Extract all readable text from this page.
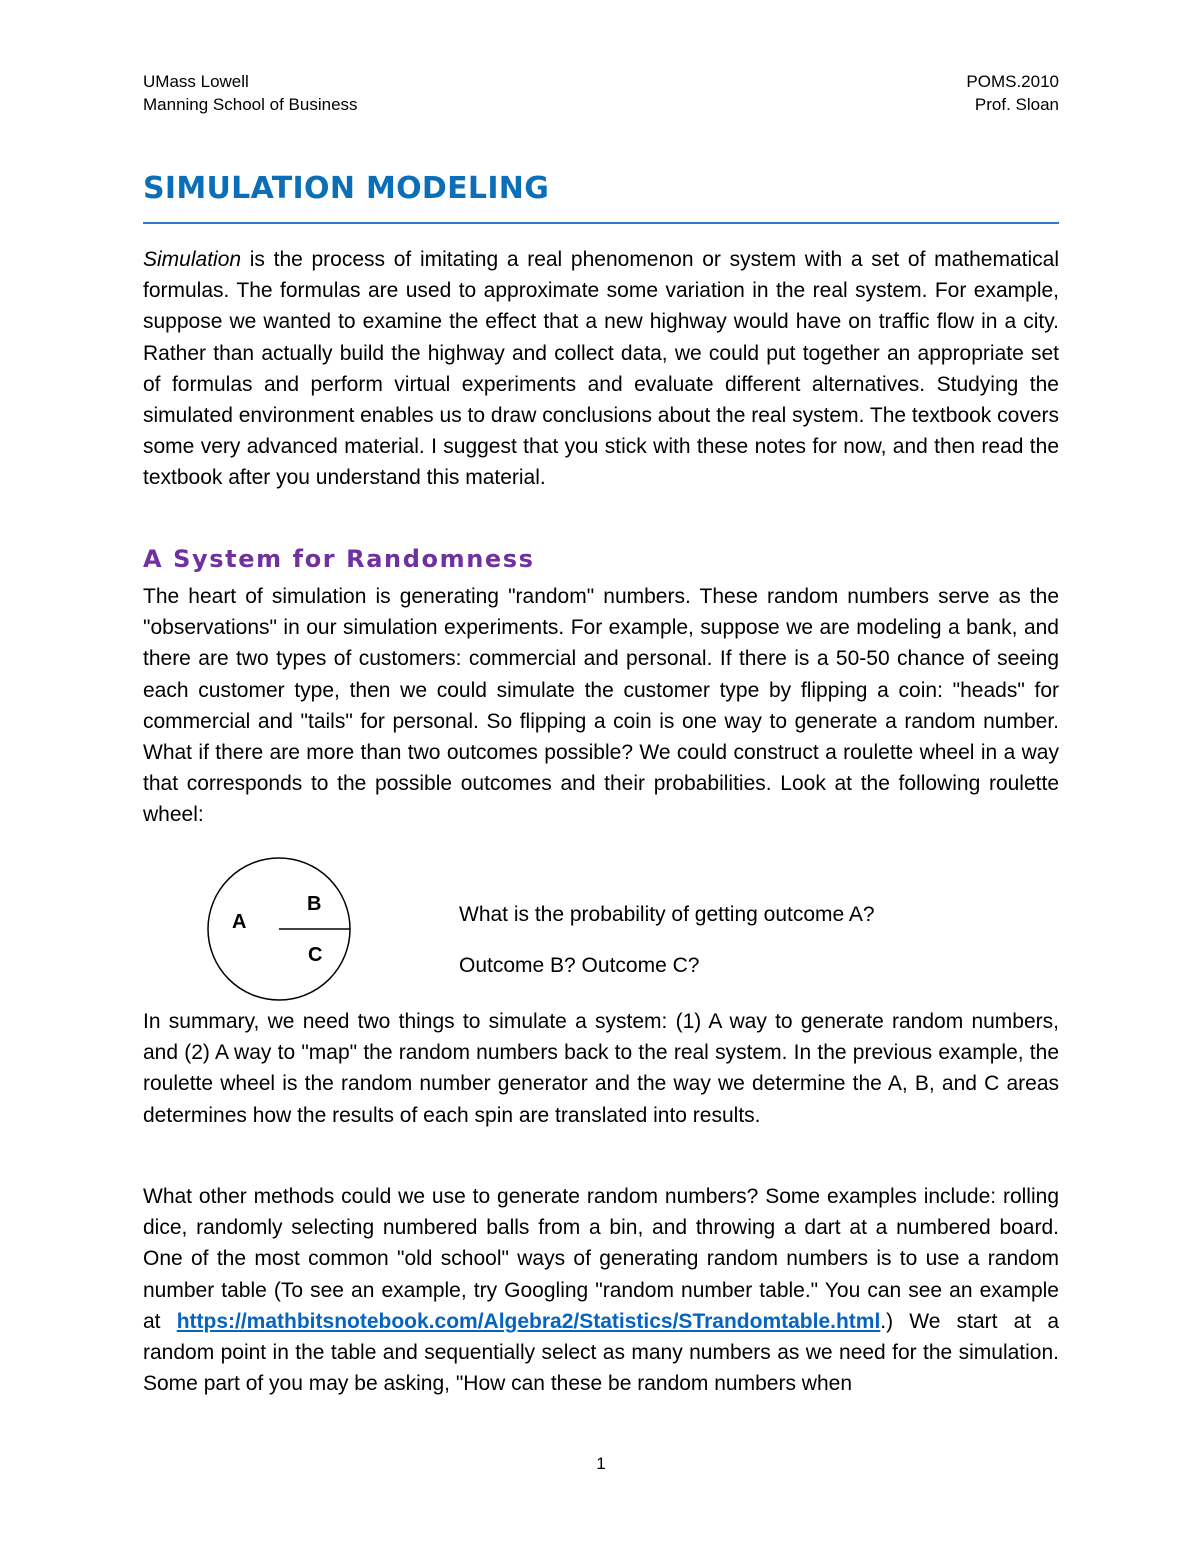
UMass Lowell
Manning School of Business
POMS.2010
Prof. Sloan
SIMULATION MODELING

Simulation is the process of imitating a real phenomenon or system with a set of mathematical formulas. The formulas are used to approximate some variation in the real system. For example, suppose we wanted to examine the effect that a new highway would have on traffic flow in a city. Rather than actually build the highway and collect data, we could put together an appropriate set of formulas and perform virtual experiments and evaluate different alternatives. Studying the simulated environment enables us to draw conclusions about the real system. The textbook covers some very advanced material. I suggest that you stick with these notes for now, and then read the textbook after you understand this material.

A System for Randomness

The heart of simulation is generating "random" numbers. These random numbers serve as the "observations" in our simulation experiments. For example, suppose we are modeling a bank, and there are two types of customers: commercial and personal. If there is a 50-50 chance of seeing each customer type, then we could simulate the customer type by flipping a coin: "heads" for commercial and "tails" for personal. So flipping a coin is one way to generate a random number. What if there are more than two outcomes possible? We could construct a roulette wheel in a way that corresponds to the possible outcomes and their probabilities. Look at the following roulette wheel:

A
B
C

What is the probability of getting outcome A?

Outcome B? Outcome C?

In summary, we need two things to simulate a system: (1) A way to generate random numbers, and (2) A way to "map" the random numbers back to the real system. In the previous example, the roulette wheel is the random number generator and the way we determine the A, B, and C areas determines how the results of each spin are translated into results.

What other methods could we use to generate random numbers? Some examples include: rolling dice, randomly selecting numbered balls from a bin, and throwing a dart at a numbered board. One of the most common "old school" ways of generating random numbers is to use a random number table (To see an example, try Googling "random number table." You can see an example at https://mathbitsnotebook.com/Algebra2/Statistics/STrandomtable.html.) We start at a random point in the table and sequentially select as many numbers as we need for the simulation. Some part of you may be asking, "How can these be random numbers when

1
